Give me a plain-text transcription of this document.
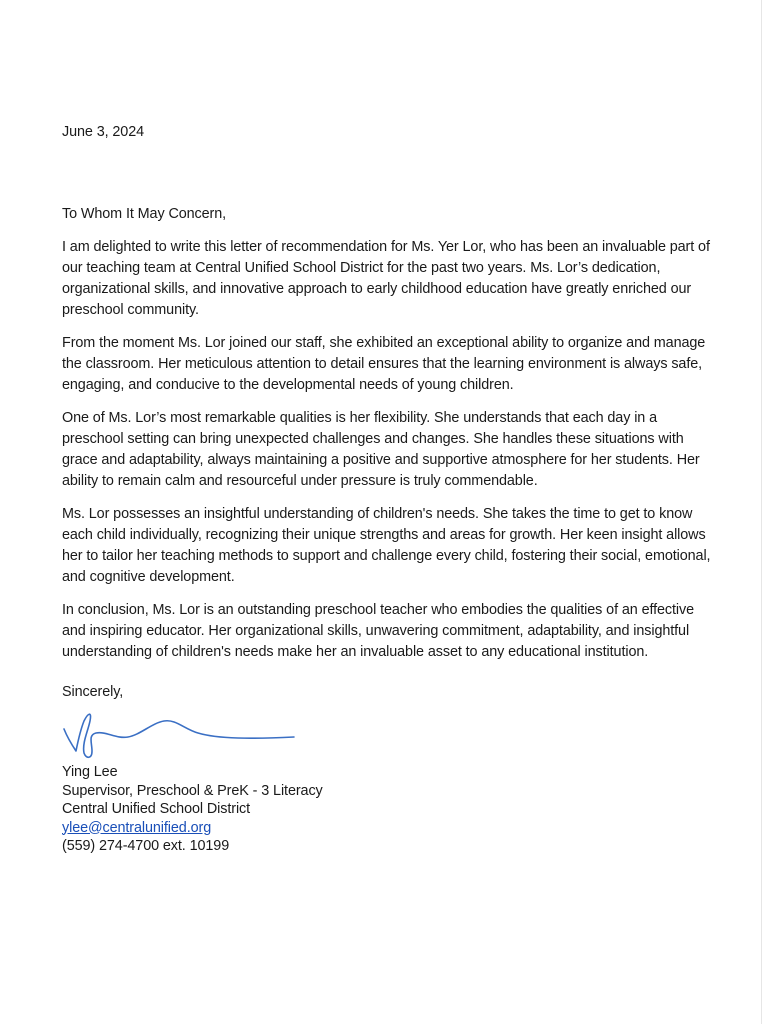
June 3, 2024

To Whom It May Concern,

I am delighted to write this letter of recommendation for Ms. Yer Lor, who has been an invaluable part of our teaching team at Central Unified School District for the past two years. Ms. Lor’s dedication, organizational skills, and innovative approach to early childhood education have greatly enriched our preschool community.

From the moment Ms. Lor joined our staff, she exhibited an exceptional ability to organize and manage the classroom. Her meticulous attention to detail ensures that the learning environment is always safe, engaging, and conducive to the developmental needs of young children.

One of Ms. Lor’s most remarkable qualities is her flexibility. She understands that each day in a preschool setting can bring unexpected challenges and changes. She handles these situations with grace and adaptability, always maintaining a positive and supportive atmosphere for her students. Her ability to remain calm and resourceful under pressure is truly commendable.

Ms. Lor possesses an insightful understanding of children's needs. She takes the time to get to know each child individually, recognizing their unique strengths and areas for growth. Her keen insight allows her to tailor her teaching methods to support and challenge every child, fostering their social, emotional, and cognitive development.

In conclusion, Ms. Lor is an outstanding preschool teacher who embodies the qualities of an effective and inspiring educator. Her organizational skills, unwavering commitment, adaptability, and insightful understanding of children's needs make her an invaluable asset to any educational institution.

Sincerely,

Ying Lee
Supervisor, Preschool & PreK - 3 Literacy
Central Unified School District
ylee@centralunified.org
(559) 274-4700 ext. 10199
